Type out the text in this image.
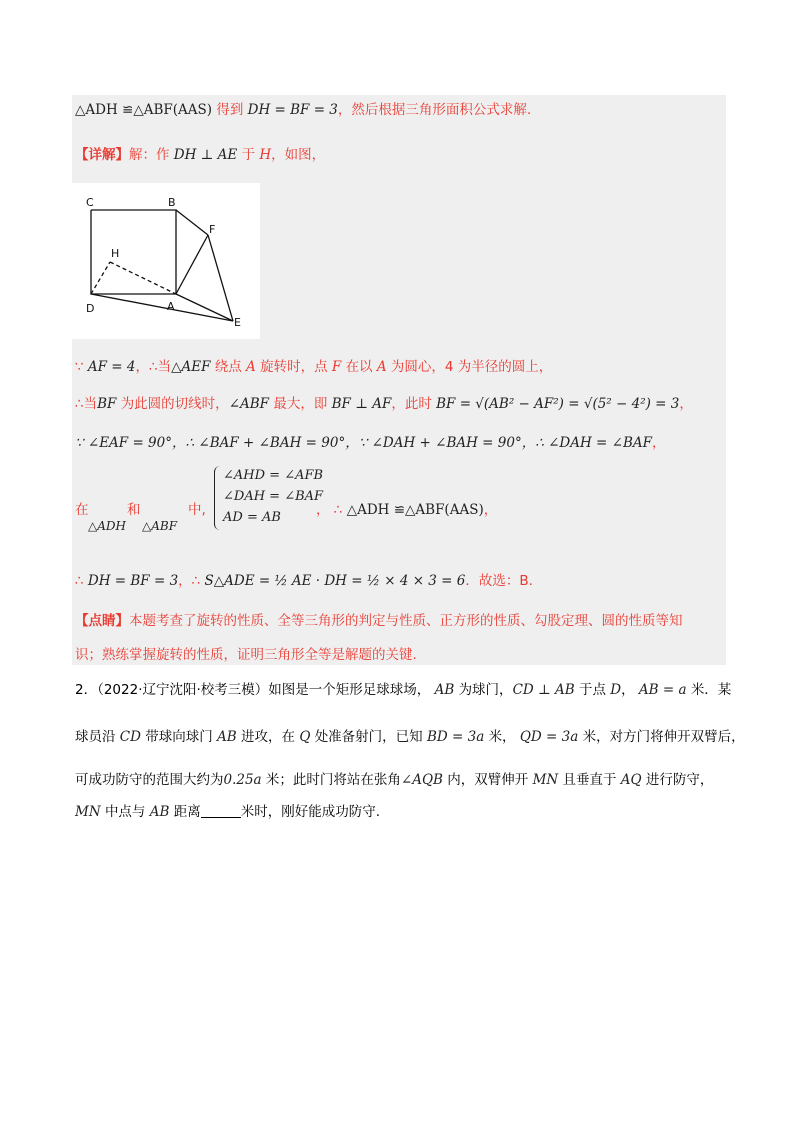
△ADH ≌△ABF(AAS) 得到 DH = BF = 3，然后根据三角形面积公式求解.
【详解】解：作 DH ⊥ AE 于 H，如图，
C	B
F
H
D	A
E
∵ AF = 4，∴当△AEF 绕点 A 旋转时，点 F 在以 A 为圆心，4 为半径的圆上，
∴当BF 为此圆的切线时，∠ABF 最大，即 BF ⊥ AF，此时 BF = √(AB² − AF²) = √(5² − 4²) = 3，
∵ ∠EAF = 90°，∴ ∠BAF + ∠BAH = 90°，∵ ∠DAH + ∠BAH = 90°，∴ ∠DAH = ∠BAF，
在	和	中,
△ADH △ABF
∠AHD = ∠AFB
∠DAH = ∠BAF
AD = AB	， ∴ △ADH ≌△ABF(AAS)，
∴ DH = BF = 3，∴ S△ADE = ½ AE · DH = ½ × 4 × 3 = 6．故选：B.
【点睛】本题考查了旋转的性质、全等三角形的判定与性质、正方形的性质、勾股定理、圆的性质等知
识；熟练掌握旋转的性质，证明三角形全等是解题的关键.
2．（2022·辽宁沈阳·校考三模）如图是一个矩形足球球场， AB 为球门，CD ⊥ AB 于点 D， AB = a 米．某
球员沿 CD 带球向球门 AB 进攻，在 Q 处准备射门，已知 BD = 3a 米， QD = 3a 米，对方门将伸开双臂后，
可成功防守的范围大约为0.25a 米；此时门将站在张角∠AQB 内，双臂伸开 MN 且垂直于 AQ 进行防守，
MN 中点与 AB 距离	米时，刚好能成功防守.
